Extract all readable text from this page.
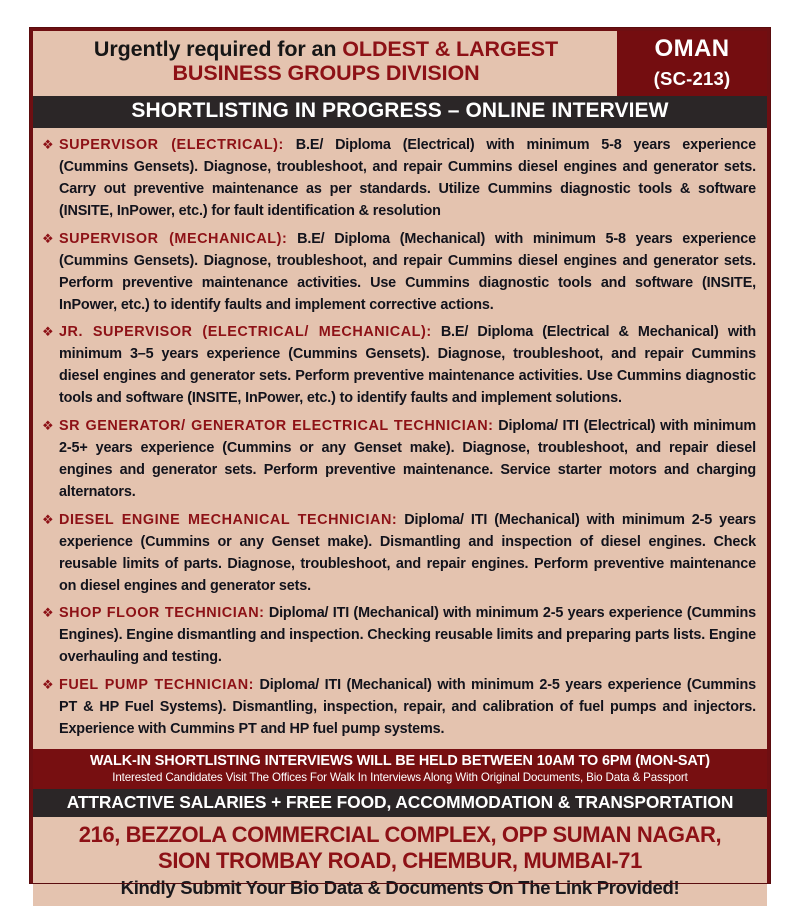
Urgently required for an OLDEST & LARGEST
BUSINESS GROUPS DIVISION
OMAN
(SC-213)
SHORTLISTING IN PROGRESS – ONLINE INTERVIEW
❖ SUPERVISOR (ELECTRICAL): B.E/ Diploma (Electrical) with minimum 5-8 years experience (Cummins Gensets). Diagnose, troubleshoot, and repair Cummins diesel engines and generator sets. Carry out preventive maintenance as per standards. Utilize Cummins diagnostic tools & software (INSITE, InPower, etc.) for fault identification & resolution
❖ SUPERVISOR (MECHANICAL): B.E/ Diploma (Mechanical) with minimum 5-8 years experience (Cummins Gensets). Diagnose, troubleshoot, and repair Cummins diesel engines and generator sets. Perform preventive maintenance activities. Use Cummins diagnostic tools and software (INSITE, InPower, etc.) to identify faults and implement corrective actions.
❖ JR. SUPERVISOR (ELECTRICAL/ MECHANICAL): B.E/ Diploma (Electrical & Mechanical) with minimum 3–5 years experience (Cummins Gensets). Diagnose, troubleshoot, and repair Cummins diesel engines and generator sets. Perform preventive maintenance activities. Use Cummins diagnostic tools and software (INSITE, InPower, etc.) to identify faults and implement solutions.
❖ SR GENERATOR/ GENERATOR ELECTRICAL TECHNICIAN: Diploma/ ITI (Electrical) with minimum 2-5+ years experience (Cummins or any Genset make). Diagnose, troubleshoot, and repair diesel engines and generator sets. Perform preventive maintenance. Service starter motors and charging alternators.
❖ DIESEL ENGINE MECHANICAL TECHNICIAN: Diploma/ ITI (Mechanical) with minimum 2-5 years experience (Cummins or any Genset make). Dismantling and inspection of diesel engines. Check reusable limits of parts. Diagnose, troubleshoot, and repair engines. Perform preventive maintenance on diesel engines and generator sets.
❖ SHOP FLOOR TECHNICIAN: Diploma/ ITI (Mechanical) with minimum 2-5 years experience (Cummins Engines). Engine dismantling and inspection. Checking reusable limits and preparing parts lists. Engine overhauling and testing.
❖ FUEL PUMP TECHNICIAN: Diploma/ ITI (Mechanical) with minimum 2-5 years experience (Cummins PT & HP Fuel Systems). Dismantling, inspection, repair, and calibration of fuel pumps and injectors. Experience with Cummins PT and HP fuel pump systems.
WALK-IN SHORTLISTING INTERVIEWS WILL BE HELD BETWEEN 10AM TO 6PM (MON-SAT)
Interested Candidates Visit The Offices For Walk In Interviews Along With Original Documents, Bio Data & Passport
ATTRACTIVE SALARIES + FREE FOOD, ACCOMMODATION & TRANSPORTATION
216, BEZZOLA COMMERCIAL COMPLEX, OPP SUMAN NAGAR,
SION TROMBAY ROAD, CHEMBUR, MUMBAI-71
Kindly Submit Your Bio Data & Documents On The Link Provided!
